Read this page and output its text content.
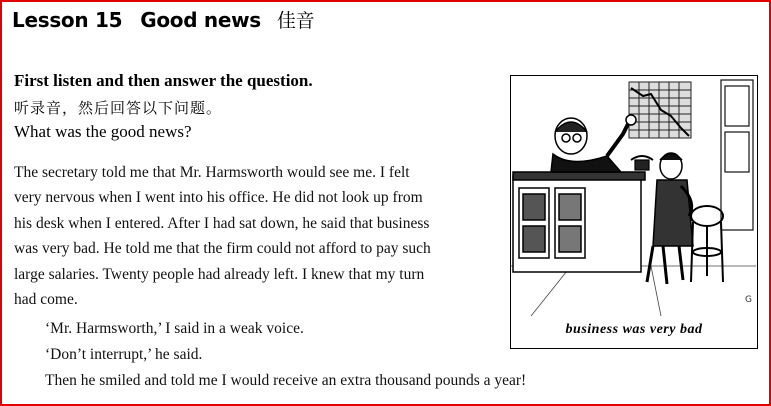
Lesson 15 Good news 佳音
First listen and then answer the question.
听录音，然后回答以下问题。
What was the good news?
The secretary told me that Mr. Harmsworth would see me. I felt
very nervous when I went into his office. He did not look up from
his desk when I entered. After I had sat down, he said that business
was very bad. He told me that the firm could not afford to pay such
large salaries. Twenty people had already left. I knew that my turn
had come.
‘Mr. Harmsworth,’ I said in a weak voice.
‘Don’t interrupt,’ he said.
Then he smiled and told me I would receive an extra thousand pounds a year!
G
business was very bad
